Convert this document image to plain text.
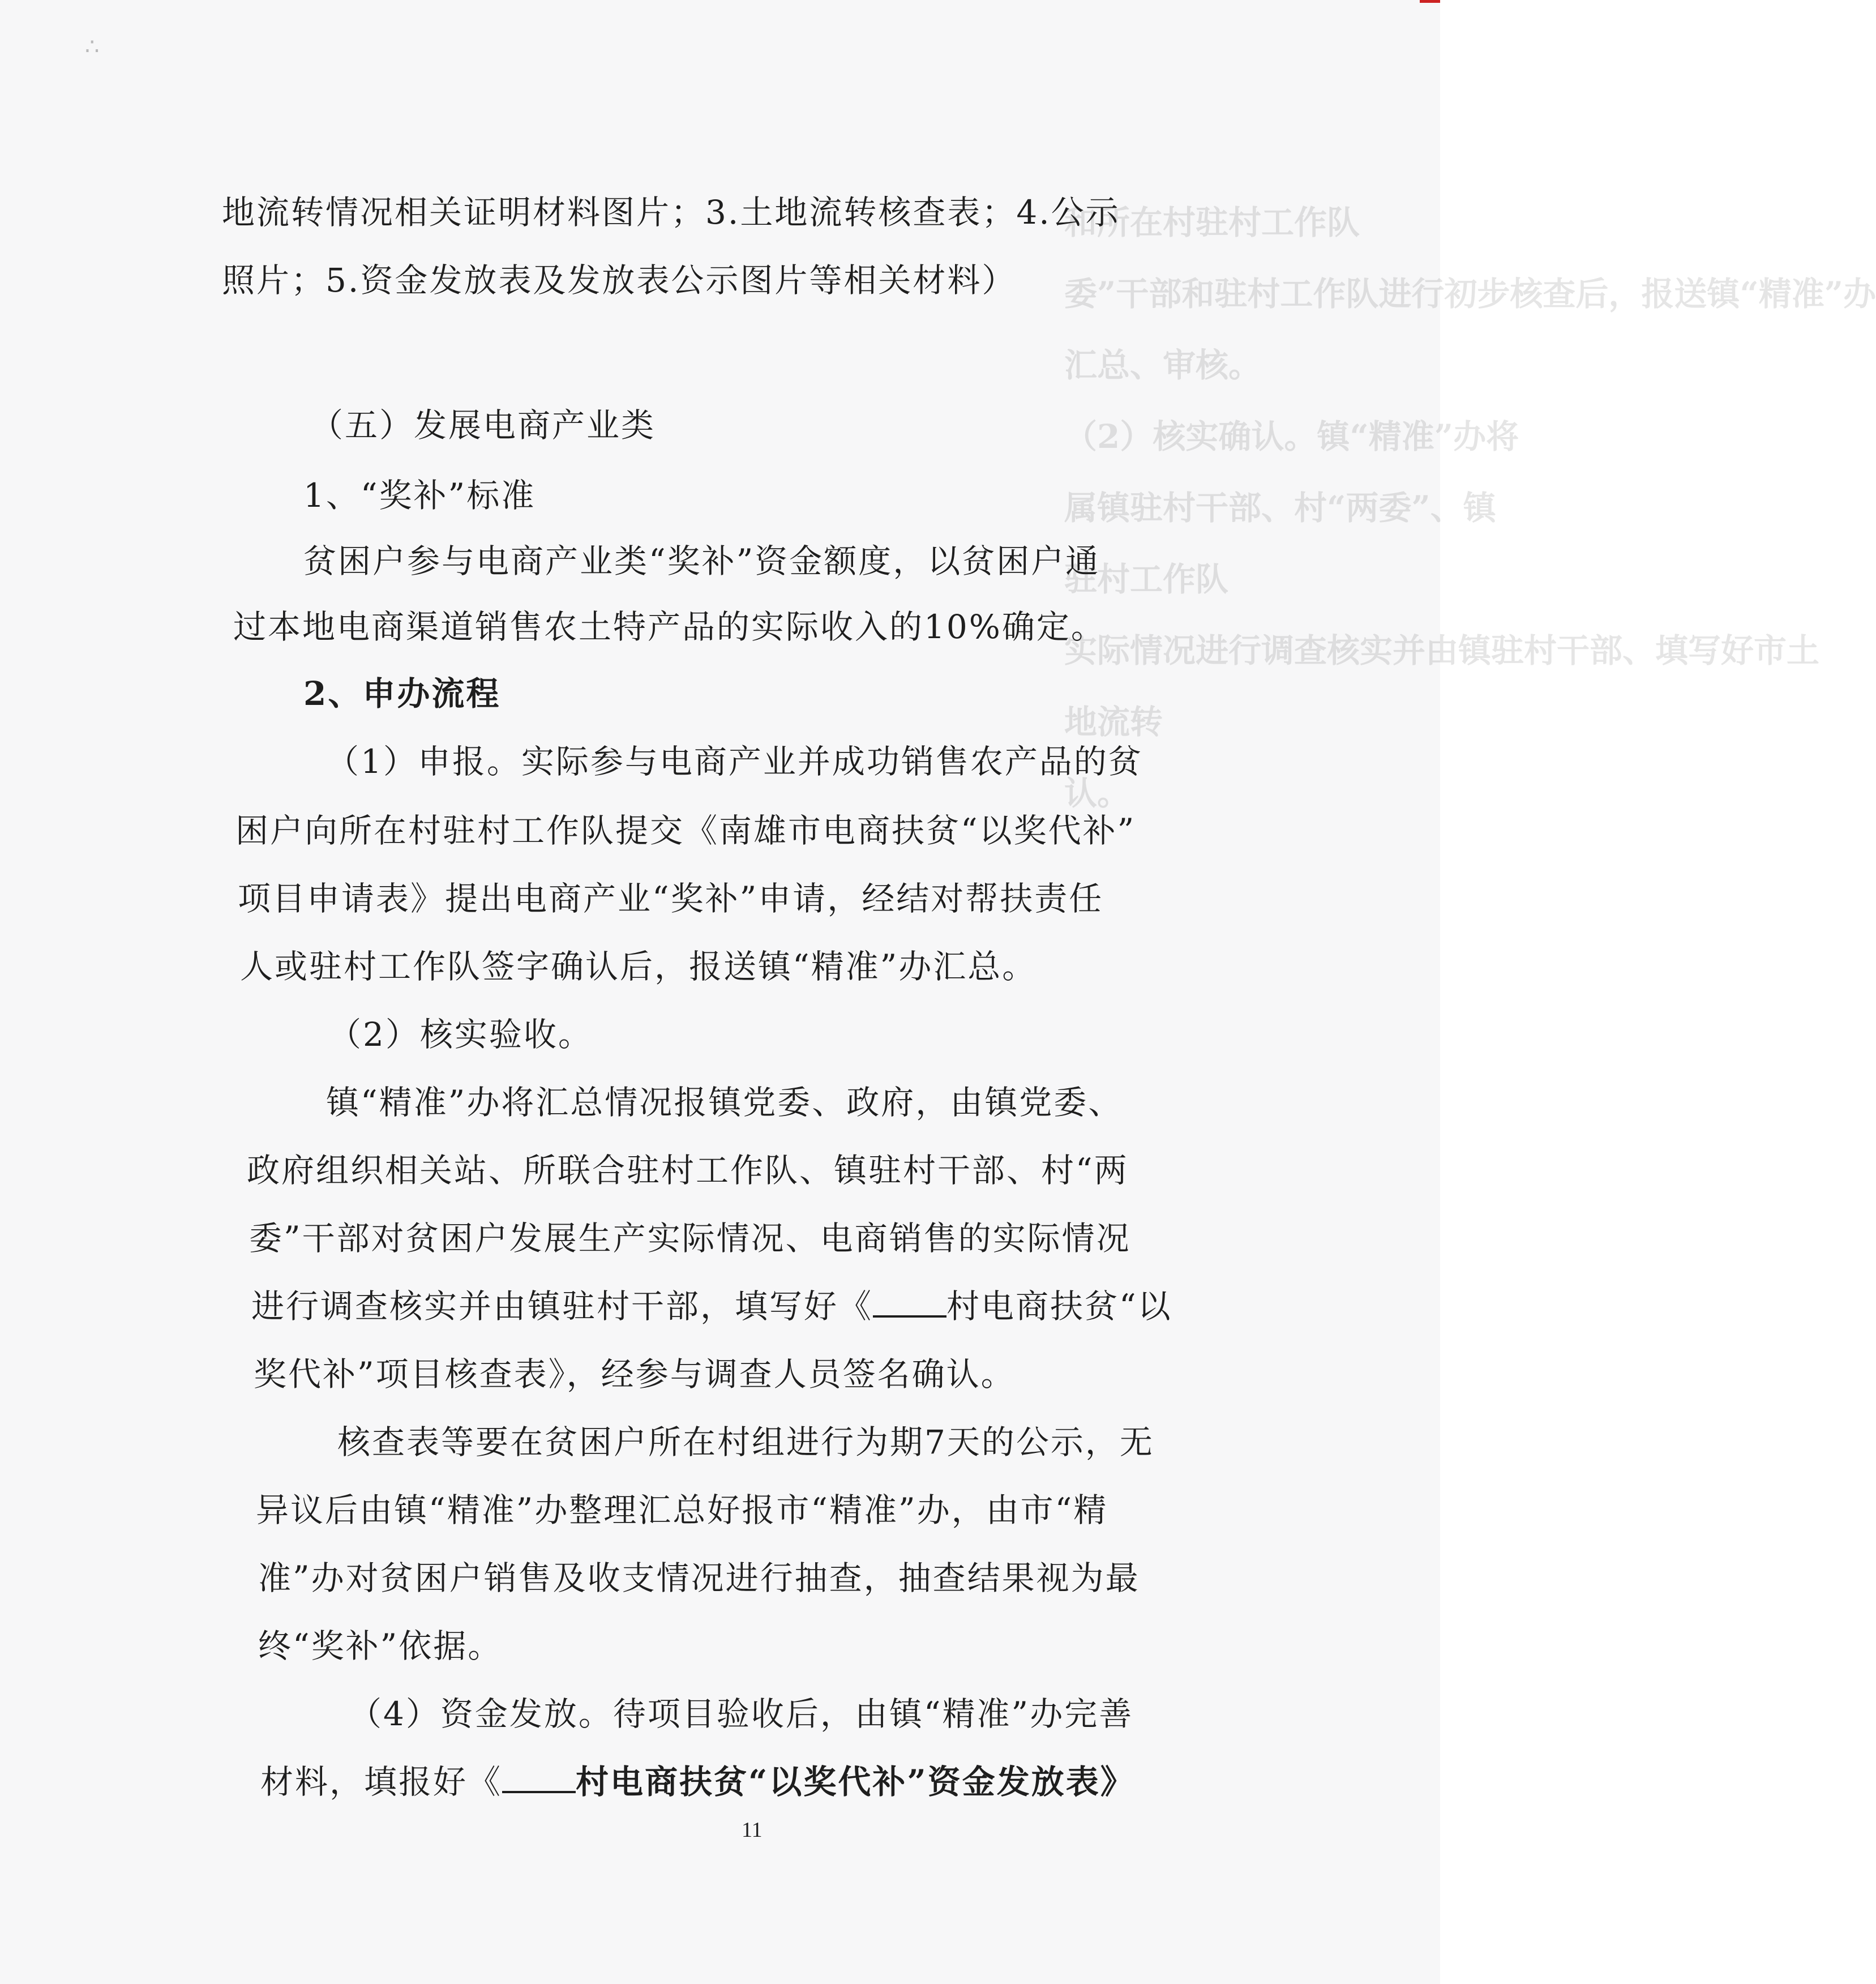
∴
和所在村驻村工作队
委”干部和驻村工作队进行初步核查后，报送镇“精准”办
汇总、审核。
（2）核实确认。镇“精准”办将
属镇驻村干部、村“两委”、镇
驻村工作队
实际情况进行调查核实并由镇驻村干部、填写好市土
地流转
认。
地流转情况相关证明材料图片；3.土地流转核查表；4.公示
照片；5.资金发放表及发放表公示图片等相关材料）
（五）发展电商产业类
1、“奖补”标准
贫困户参与电商产业类“奖补”资金额度，以贫困户通
过本地电商渠道销售农土特产品的实际收入的10%确定。
2、申办流程
（1）申报。实际参与电商产业并成功销售农产品的贫
困户向所在村驻村工作队提交《南雄市电商扶贫“以奖代补”
项目申请表》提出电商产业“奖补”申请，经结对帮扶责任
人或驻村工作队签字确认后，报送镇“精准”办汇总。
（2）核实验收。
镇“精准”办将汇总情况报镇党委、政府，由镇党委、
政府组织相关站、所联合驻村工作队、镇驻村干部、村“两
委”干部对贫困户发展生产实际情况、电商销售的实际情况
进行调查核实并由镇驻村干部，填写好《 村电商扶贫“以
奖代补”项目核查表》，经参与调查人员签名确认。
核查表等要在贫困户所在村组进行为期7天的公示，无
异议后由镇“精准”办整理汇总好报市“精准”办，由市“精
准”办对贫困户销售及收支情况进行抽查，抽查结果视为最
终“奖补”依据。
（4）资金发放。待项目验收后，由镇“精准”办完善
材料，填报好《 村电商扶贫“以奖代补”资金发放表》
11
